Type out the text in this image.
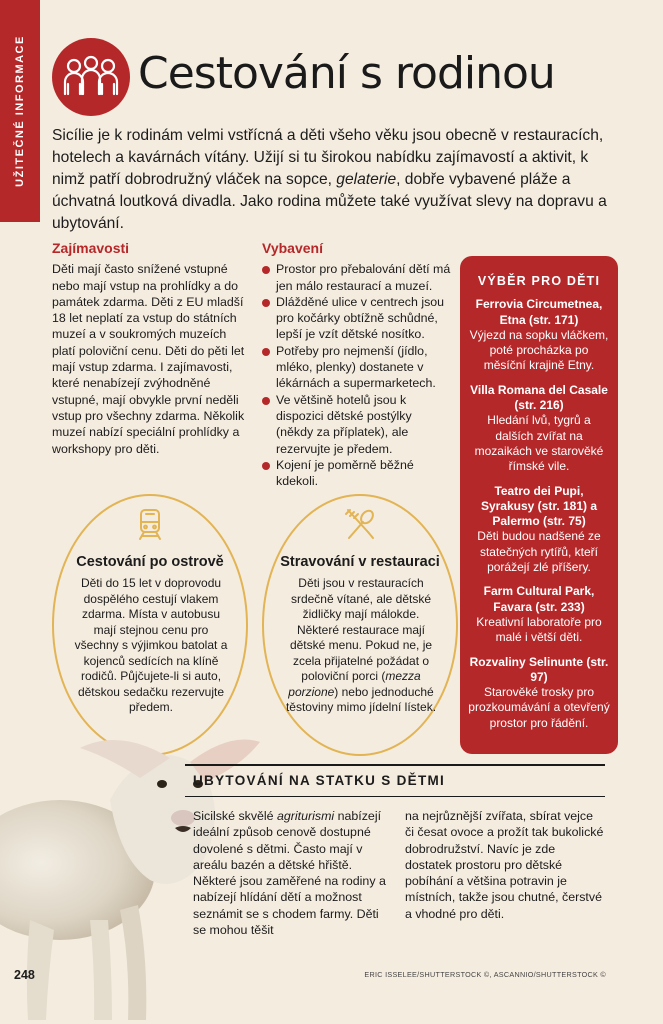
UŽITEČNÉ INFORMACE	Cestování s rodinou

Sicílie je k rodinám velmi vstřícná a děti všeho věku jsou obecně v restauracích, hotelech a kavárnách vítány. Užijí si tu širokou nabídku zajímavostí a aktivit, k nimž patří dobrodružný vláček na sopce, gelaterie, dobře vybavené pláže a úchvatná loutková divadla. Jako rodina můžete také využívat slevy na dopravu a ubytování.

Zajímavosti

Děti mají často snížené vstupné nebo mají vstup na prohlídky a do památek zdarma. Děti z EU mladší 18 let neplatí za vstup do státních muzeí a v soukromých muzeích platí poloviční cenu. Děti do pěti let mají vstup zdarma. I zajímavosti, které nenabízejí zvýhodněné vstupné, mají obvykle první neděli vstup pro všechny zdarma. Několik muzeí nabízí speciální prohlídky a workshopy pro děti.

Vybavení
Prostor pro přebalování dětí má jen málo restaurací a muzeí.
Dlážděné ulice v centrech jsou pro kočárky obtížně schůdné, lepší je vzít dětské nosítko.
Potřeby pro nejmenší (jídlo, mléko, plenky) dostanete v lékárnách a supermarketech.
Ve většině hotelů jsou k dispozici dětské postýlky (někdy za příplatek), ale rezervujte je předem.
Kojení je poměrně běžné kdekoli.
VÝBĚR PRO DĚTI
Ferrovia Circumetnea, Etna (str. 171)
Výjezd na sopku vláčkem, poté procházka po měsíční krajině Etny.
Villa Romana del Casale (str. 216)
Hledání lvů, tygrů a dalších zvířat na mozaikách ve starověké římské vile.
Teatro dei Pupi, Syrakusy (str. 181) a Palermo (str. 75)
Děti budou nadšené ze statečných rytířů, kteří porážejí zlé příšery.
Farm Cultural Park, Favara (str. 233)
Kreativní laboratoře pro malé i větší děti.
Rozvaliny Selinunte (str. 97)
Starověké trosky pro prozkoumávání a otevřený prostor pro řádění.
Cestování po ostrově

Děti do 15 let v doprovodu dospělého cestují vlakem zdarma. Místa v autobusu mají stejnou cenu pro všechny s výjimkou batolat a kojenců sedících na klíně rodičů. Půjčujete-li si auto, dětskou sedačku rezervujte předem.

Stravování v restauraci

Děti jsou v restauracích srdečně vítané, ale dětské židličky mají málokde. Některé restaurace mají dětské menu. Pokud ne, je zcela přijatelné požádat o poloviční porci (mezza porzione) nebo jednoduché těstoviny mimo jídelní lístek.

UBYTOVÁNÍ NA STATKU S DĚTMI

Sicilské skvělé agriturismi nabízejí ideální způsob cenově dostupné dovolené s dětmi. Často mají v areálu bazén a dětské hřiště. Některé jsou zaměřené na rodiny a nabízejí hlídání dětí a možnost seznámit se s chodem farmy. Děti se mohou těšit

na nejrůznější zvířata, sbírat vejce či česat ovoce a prožít tak bukolické dobrodružství. Navíc je zde dostatek prostoru pro dětské pobíhání a většina potravin je místních, takže jsou chutné, čerstvé a vhodné pro děti.

248	ERIC ISSELEE/SHUTTERSTOCK ©, ASCANNIO/SHUTTERSTOCK ©
